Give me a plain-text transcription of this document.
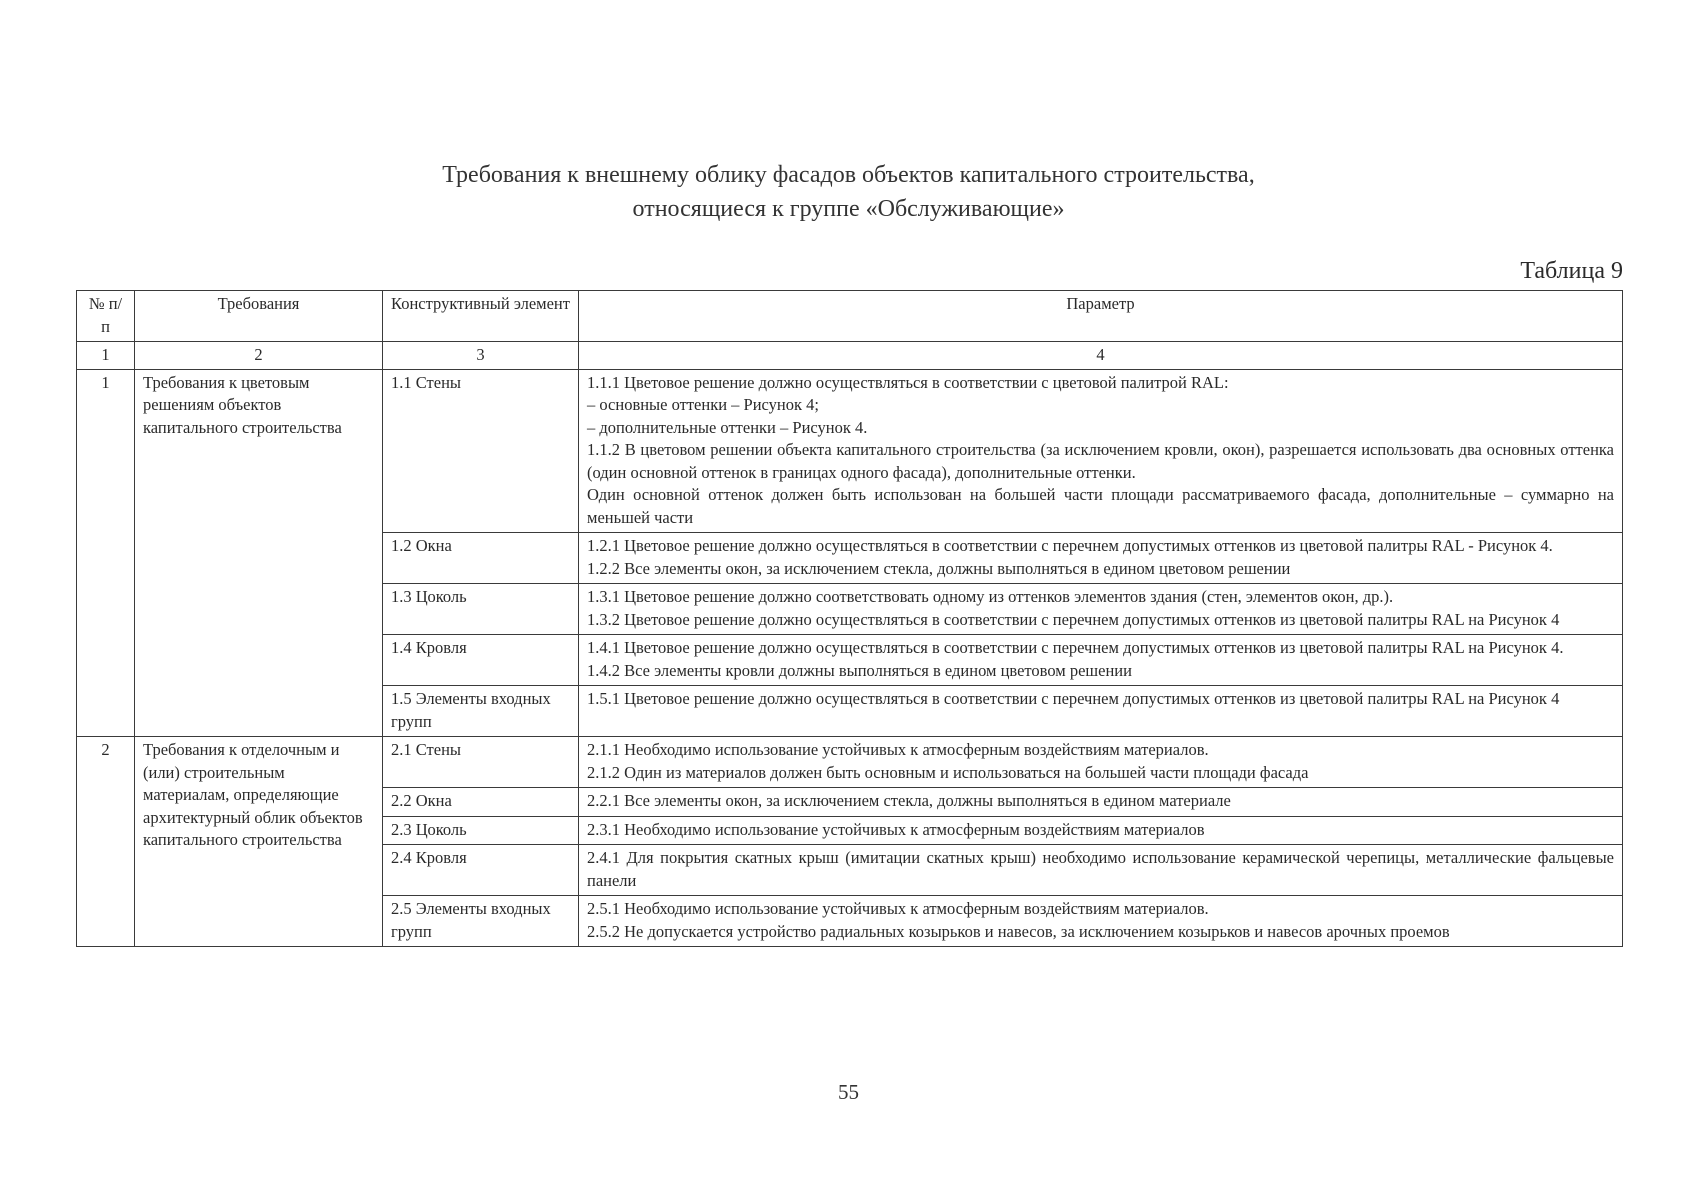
Требования к внешнему облику фасадов объектов капитального строительства,
относящиеся к группе «Обслуживающие»
Таблица 9
№ п/п	Требования	Конструктивный элемент	Параметр
1	2	3	4
1	Требования к цветовым решениям объектов капитального строительства	1.1 Стены	1.1.1 Цветовое решение должно осуществляться в соответствии с цветовой палитрой RAL:

– основные оттенки – Рисунок 4;

– дополнительные оттенки – Рисунок 4.

1.1.2 В цветовом решении объекта капитального строительства (за исключением кровли, окон), разрешается использовать два основных оттенка (один основной оттенок в границах одного фасада), дополнительные оттенки.

Один основной оттенок должен быть использован на большей части площади рассматриваемого фасада, дополнительные – суммарно на меньшей части

		1.2 Окна	1.2.1 Цветовое решение должно осуществляться в соответствии с перечнем допустимых оттенков из цветовой палитры RAL - Рисунок 4.

1.2.2 Все элементы окон, за исключением стекла, должны выполняться в едином цветовом решении

		1.3 Цоколь	1.3.1 Цветовое решение должно соответствовать одному из оттенков элементов здания (стен, элементов окон, др.).

1.3.2 Цветовое решение должно осуществляться в соответствии с перечнем допустимых оттенков из цветовой палитры RAL на Рисунок 4

		1.4 Кровля	1.4.1 Цветовое решение должно осуществляться в соответствии с перечнем допустимых оттенков из цветовой палитры RAL на Рисунок 4.

1.4.2 Все элементы кровли должны выполняться в едином цветовом решении

		1.5 Элементы входных групп	1.5.1 Цветовое решение должно осуществляться в соответствии с перечнем допустимых оттенков из цветовой палитры RAL на Рисунок 4

2	Требования к отделочным и (или) строительным материалам, определяющие архитектурный облик объектов капитального строительства	2.1 Стены	2.1.1 Необходимо использование устойчивых к атмосферным воздействиям материалов.

2.1.2 Один из материалов должен быть основным и использоваться на большей части площади фасада

		2.2 Окна	2.2.1 Все элементы окон, за исключением стекла, должны выполняться в едином материале

		2.3 Цоколь	2.3.1 Необходимо использование устойчивых к атмосферным воздействиям материалов

		2.4 Кровля	2.4.1 Для покрытия скатных крыш (имитации скатных крыш) необходимо использование керамической черепицы, металлические фальцевые панели

		2.5 Элементы входных групп	2.5.1 Необходимо использование устойчивых к атмосферным воздействиям материалов.

2.5.2 Не допускается устройство радиальных козырьков и навесов, за исключением козырьков и навесов арочных проемов

55
